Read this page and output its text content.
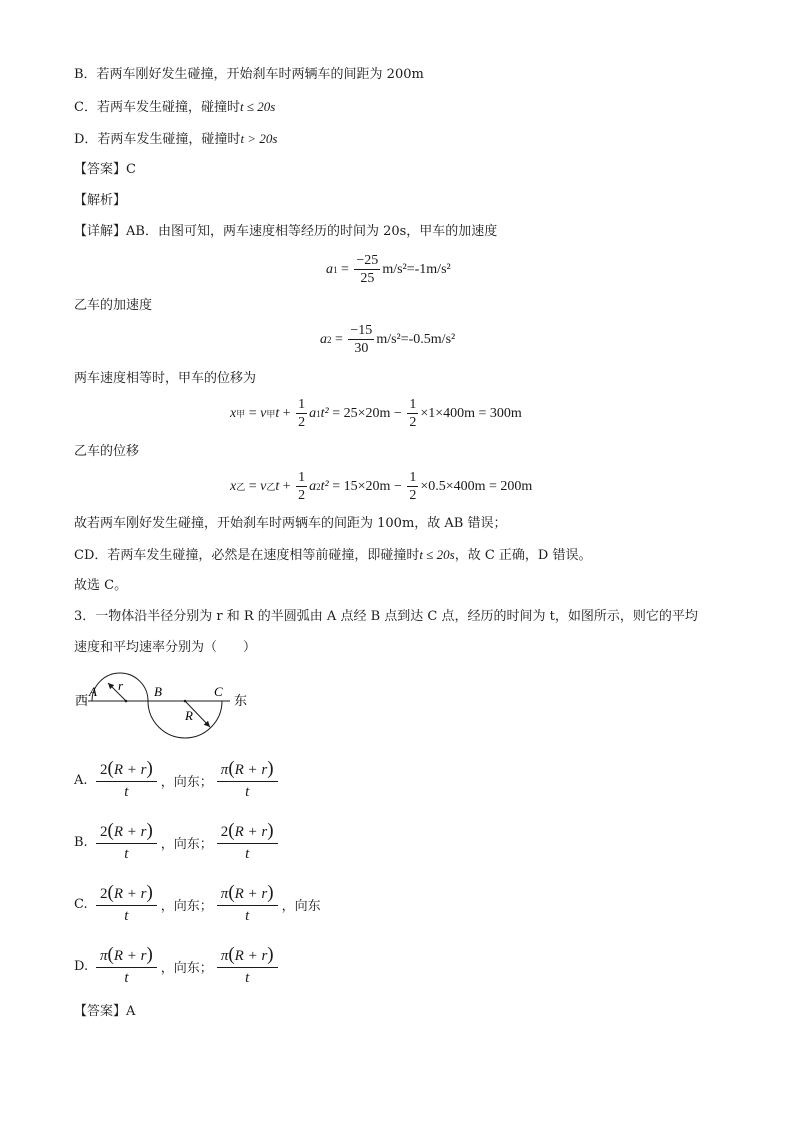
B．若两车刚好发生碰撞，开始刹车时两辆车的间距为 200m
C．若两车发生碰撞，碰撞时t ≤ 20s
D．若两车发生碰撞，碰撞时t > 20s
【答案】C
【解析】
【详解】AB．由图可知，两车速度相等经历的时间为 20s，甲车的加速度
a $1 = \frac{-25}{25} m/s^2=-1m/s^2$
乙车的加速度
a $2 = \frac{-15}{30} m/s^2=-0.5m/s^2$
两车速度相等时，甲车的位移为
x 甲 = v 甲 $t + \frac{1}{2}$ a 1 $t^2 = 25\times 20m - \frac{1}{2} \times 1\times 400m = 300m$
乙车的位移
x 乙 = v 乙 $t + \frac{1}{2}$ a 2 $t^2 = 15\times 20m - \frac{1}{2} \times 0.5\times 400m = 200m$
故若两车刚好发生碰撞，开始刹车时两辆车的间距为 100m，故 AB 错误；
CD．若两车发生碰撞，必然是在速度相等前碰撞，即碰撞时t ≤ 20s，故 C 正确，D 错误。
故选 C。
3．一物体沿半径分别为 r 和 R 的半圆弧由 A 点经 B 点到达 C 点，经历的时间为 t，如图所示，则它的平均
速度和平均速率分别为（　　）
西	东
A r B	C
R
A. $\frac{2(R + r)}{t}$ ，向东； $\frac{\pi(R + r)}{t}$
B. $\frac{2(R + r)}{t}$ ，向东； $\frac{2(R + r)}{t}$
C. $\frac{2(R + r)}{t}$ ，向东； $\frac{\pi(R + r)}{t}$ ，向东
D. $\frac{\pi(R + r)}{t}$ ，向东； $\frac{\pi(R + r)}{t}$
【答案】A
